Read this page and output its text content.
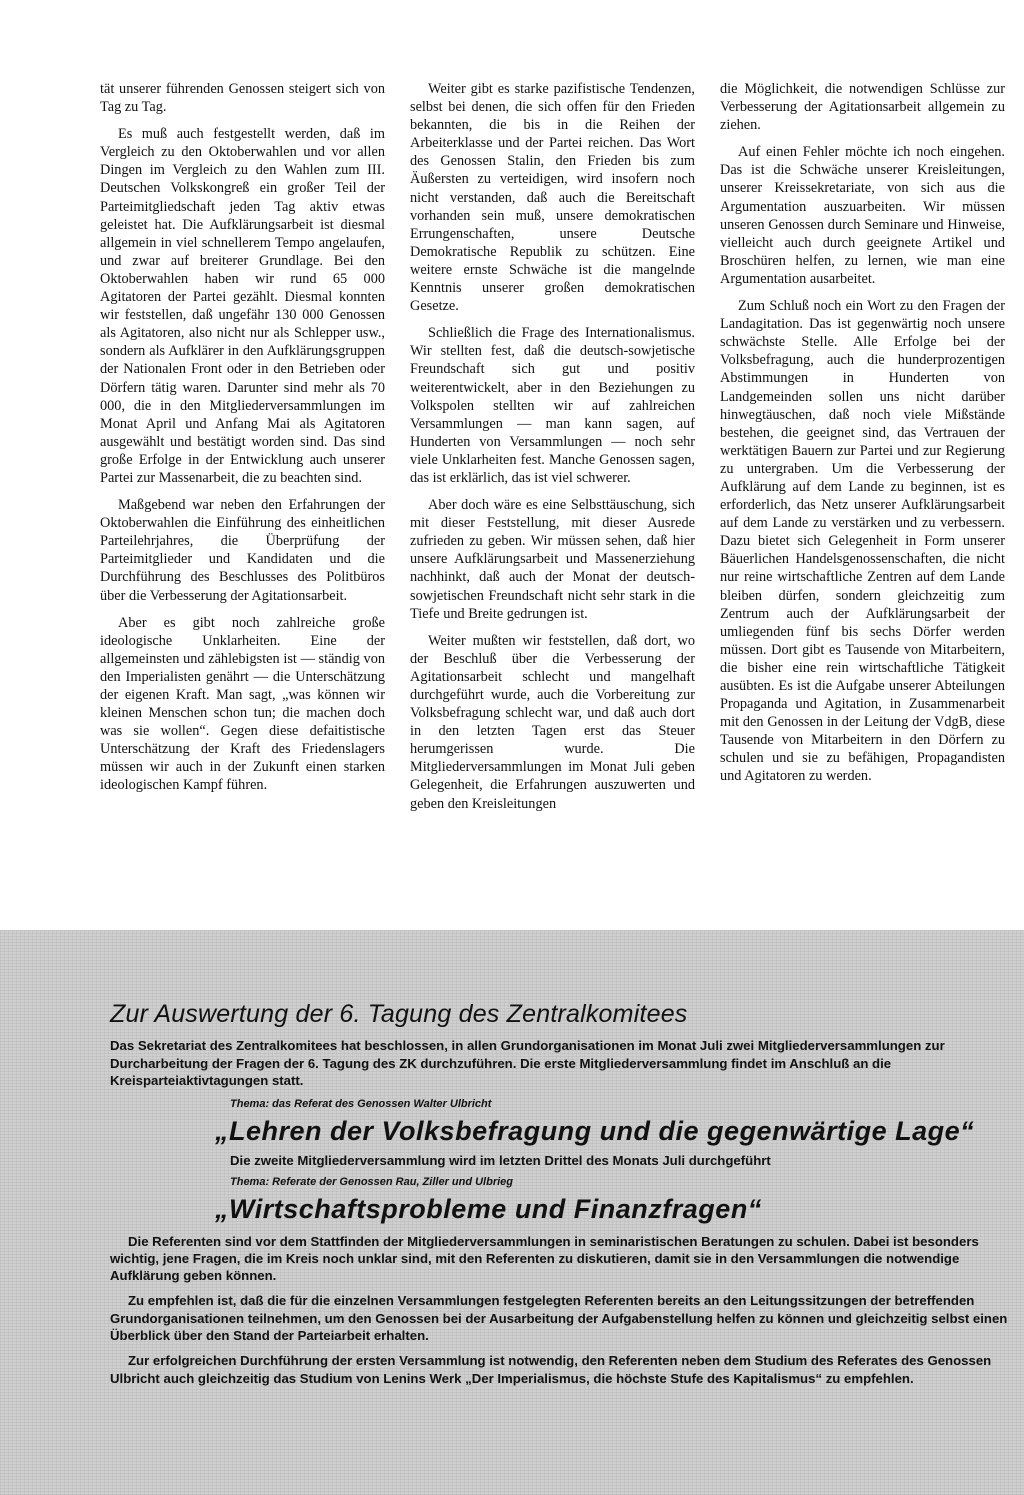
tät unserer führenden Genossen steigert sich von Tag zu Tag.

Es muß auch festgestellt werden, daß im Vergleich zu den Oktoberwahlen und vor allen Dingen im Vergleich zu den Wahlen zum III. Deutschen Volkskongreß ein großer Teil der Parteimitgliedschaft jeden Tag aktiv etwas geleistet hat. Die Aufklärungsarbeit ist diesmal allgemein in viel schnellerem Tempo angelaufen, und zwar auf breiterer Grundlage. Bei den Oktoberwahlen haben wir rund 65 000 Agitatoren der Partei gezählt. Diesmal konnten wir feststellen, daß ungefähr 130 000 Genossen als Agitatoren, also nicht nur als Schlepper usw., sondern als Aufklärer in den Aufklärungsgruppen der Nationalen Front oder in den Betrieben oder Dörfern tätig waren. Darunter sind mehr als 70 000, die in den Mitgliederversammlungen im Monat April und Anfang Mai als Agitatoren ausgewählt und bestätigt worden sind. Das sind große Erfolge in der Entwicklung auch unserer Partei zur Massenarbeit, die zu beachten sind.

Maßgebend war neben den Erfahrungen der Oktoberwahlen die Einführung des einheitlichen Parteilehrjahres, die Überprüfung der Parteimitglieder und Kandidaten und die Durchführung des Beschlusses des Politbüros über die Verbesserung der Agitationsarbeit.

Aber es gibt noch zahlreiche große ideologische Unklarheiten. Eine der allgemeinsten und zählebigsten ist — ständig von den Imperialisten genährt — die Unterschätzung der eigenen Kraft. Man sagt, „was können wir kleinen Menschen schon tun; die machen doch was sie wollen“. Gegen diese defaitistische Unterschätzung der Kraft des Friedenslagers müssen wir auch in der Zukunft einen starken ideologischen Kampf führen.

Weiter gibt es starke pazifistische Tendenzen, selbst bei denen, die sich offen für den Frieden bekannten, die bis in die Reihen der Arbeiterklasse und der Partei reichen. Das Wort des Genossen Stalin, den Frieden bis zum Äußersten zu verteidigen, wird insofern noch nicht verstanden, daß auch die Bereitschaft vorhanden sein muß, unsere demokratischen Errungenschaften, unsere Deutsche Demokratische Republik zu schützen. Eine weitere ernste Schwäche ist die mangelnde Kenntnis unserer großen demokratischen Gesetze.

Schließlich die Frage des Internationalismus. Wir stellten fest, daß die deutsch-sowjetische Freundschaft sich gut und positiv weiterentwickelt, aber in den Beziehungen zu Volkspolen stellten wir auf zahlreichen Versammlungen — man kann sagen, auf Hunderten von Versammlungen — noch sehr viele Unklarheiten fest. Manche Genossen sagen, das ist erklärlich, das ist viel schwerer.

Aber doch wäre es eine Selbsttäuschung, sich mit dieser Feststellung, mit dieser Ausrede zufrieden zu geben. Wir müssen sehen, daß hier unsere Aufklärungsarbeit und Massenerziehung nachhinkt, daß auch der Monat der deutsch-sowjetischen Freundschaft nicht sehr stark in die Tiefe und Breite gedrungen ist.

Weiter mußten wir feststellen, daß dort, wo der Beschluß über die Verbesserung der Agitationsarbeit schlecht und mangelhaft durchgeführt wurde, auch die Vorbereitung zur Volksbefragung schlecht war, und daß auch dort in den letzten Tagen erst das Steuer herumgerissen wurde. Die Mitgliederversammlungen im Monat Juli geben Gelegenheit, die Erfahrungen auszuwerten und geben den Kreisleitungen

die Möglichkeit, die notwendigen Schlüsse zur Verbesserung der Agitationsarbeit allgemein zu ziehen.

Auf einen Fehler möchte ich noch eingehen. Das ist die Schwäche unserer Kreisleitungen, unserer Kreissekretariate, von sich aus die Argumentation auszuarbeiten. Wir müssen unseren Genossen durch Seminare und Hinweise, vielleicht auch durch geeignete Artikel und Broschüren helfen, zu lernen, wie man eine Argumentation ausarbeitet.

Zum Schluß noch ein Wort zu den Fragen der Landagitation. Das ist gegenwärtig noch unsere schwächste Stelle. Alle Erfolge bei der Volksbefragung, auch die hunderprozentigen Abstimmungen in Hunderten von Landgemeinden sollen uns nicht darüber hinwegtäuschen, daß noch viele Mißstände bestehen, die geeignet sind, das Vertrauen der werktätigen Bauern zur Partei und zur Regierung zu untergraben. Um die Verbesserung der Aufklärung auf dem Lande zu beginnen, ist es erforderlich, das Netz unserer Aufklärungsarbeit auf dem Lande zu verstärken und zu verbessern. Dazu bietet sich Gelegenheit in Form unserer Bäuerlichen Handelsgenossenschaften, die nicht nur reine wirtschaftliche Zentren auf dem Lande bleiben dürfen, sondern gleichzeitig zum Zentrum auch der Aufklärungsarbeit der umliegenden fünf bis sechs Dörfer werden müssen. Dort gibt es Tausende von Mitarbeitern, die bisher eine rein wirtschaftliche Tätigkeit ausübten. Es ist die Aufgabe unserer Abteilungen Propaganda und Agitation, in Zusammenarbeit mit den Genossen in der Leitung der VdgB, diese Tausende von Mitarbeitern in den Dörfern zu schulen und sie zu befähigen, Propagandisten und Agitatoren zu werden.

Zur Auswertung der 6. Tagung des Zentralkomitees

Das Sekretariat des Zentralkomitees hat beschlossen, in allen Grundorganisationen im Monat Juli zwei Mitgliederversammlungen zur Durcharbeitung der Fragen der 6. Tagung des ZK durchzuführen. Die erste Mitgliederversammlung findet im Anschluß an die Kreisparteiaktivtagungen statt.

Thema: das Referat des Genossen Walter Ulbricht
„Lehren der Volksbefragung und die gegenwärtige Lage“
Die zweite Mitgliederversammlung wird im letzten Drittel des Monats Juli durchgeführt
Thema: Referate der Genossen Rau, Ziller und Ulbrieg
„Wirtschaftsprobleme und Finanzfragen“

Die Referenten sind vor dem Stattfinden der Mitgliederversammlungen in seminaristischen Beratungen zu schulen. Dabei ist besonders wichtig, jene Fragen, die im Kreis noch unklar sind, mit den Referenten zu diskutieren, damit sie in den Versammlungen die notwendige Aufklärung geben können.

Zu empfehlen ist, daß die für die einzelnen Versammlungen festgelegten Referenten bereits an den Leitungssitzungen der betreffenden Grundorganisationen teilnehmen, um den Genossen bei der Ausarbeitung der Aufgabenstellung helfen zu können und gleichzeitig selbst einen Überblick über den Stand der Parteiarbeit erhalten.

Zur erfolgreichen Durchführung der ersten Versammlung ist notwendig, den Referenten neben dem Studium des Referates des Genossen Ulbricht auch gleichzeitig das Studium von Lenins Werk „Der Imperialismus, die höchste Stufe des Kapitalismus“ zu empfehlen.
